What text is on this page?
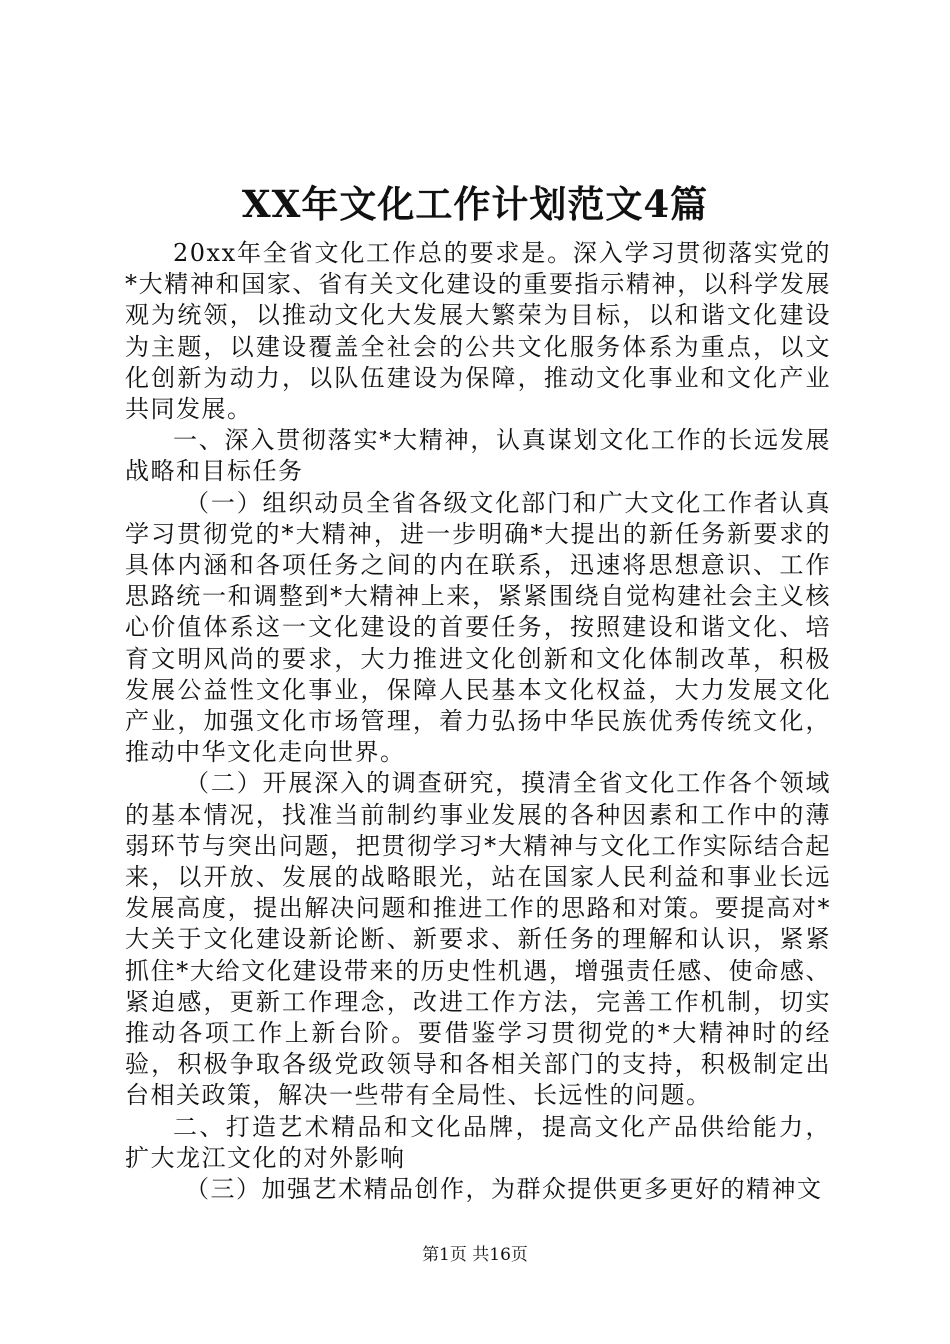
XX年文化工作计划范文4篇

20xx年全省文化工作总的要求是。深入学习贯彻落实党的*大精神和国家、省有关文化建设的重要指示精神，以科学发展观为统领，以推动文化大发展大繁荣为目标，以和谐文化建设为主题，以建设覆盖全社会的公共文化服务体系为重点，以文化创新为动力，以队伍建设为保障，推动文化事业和文化产业共同发展。

一、深入贯彻落实*大精神，认真谋划文化工作的长远发展战略和目标任务

（一）组织动员全省各级文化部门和广大文化工作者认真学习贯彻党的*大精神，进一步明确*大提出的新任务新要求的具体内涵和各项任务之间的内在联系，迅速将思想意识、工作思路统一和调整到*大精神上来，紧紧围绕自觉构建社会主义核心价值体系这一文化建设的首要任务，按照建设和谐文化、培育文明风尚的要求，大力推进文化创新和文化体制改革，积极发展公益性文化事业，保障人民基本文化权益，大力发展文化产业，加强文化市场管理，着力弘扬中华民族优秀传统文化，推动中华文化走向世界。

（二）开展深入的调查研究，摸清全省文化工作各个领域的基本情况，找准当前制约事业发展的各种因素和工作中的薄弱环节与突出问题，把贯彻学习*大精神与文化工作实际结合起来，以开放、发展的战略眼光，站在国家人民利益和事业长远发展高度，提出解决问题和推进工作的思路和对策。要提高对*大关于文化建设新论断、新要求、新任务的理解和认识，紧紧抓住*大给文化建设带来的历史性机遇，增强责任感、使命感、紧迫感，更新工作理念，改进工作方法，完善工作机制，切实推动各项工作上新台阶。要借鉴学习贯彻党的*大精神时的经验，积极争取各级党政领导和各相关部门的支持，积极制定出台相关政策，解决一些带有全局性、长远性的问题。

二、打造艺术精品和文化品牌，提高文化产品供给能力，扩大龙江文化的对外影响

（三）加强艺术精品创作，为群众提供更多更好的精神文

第1页 共16页
